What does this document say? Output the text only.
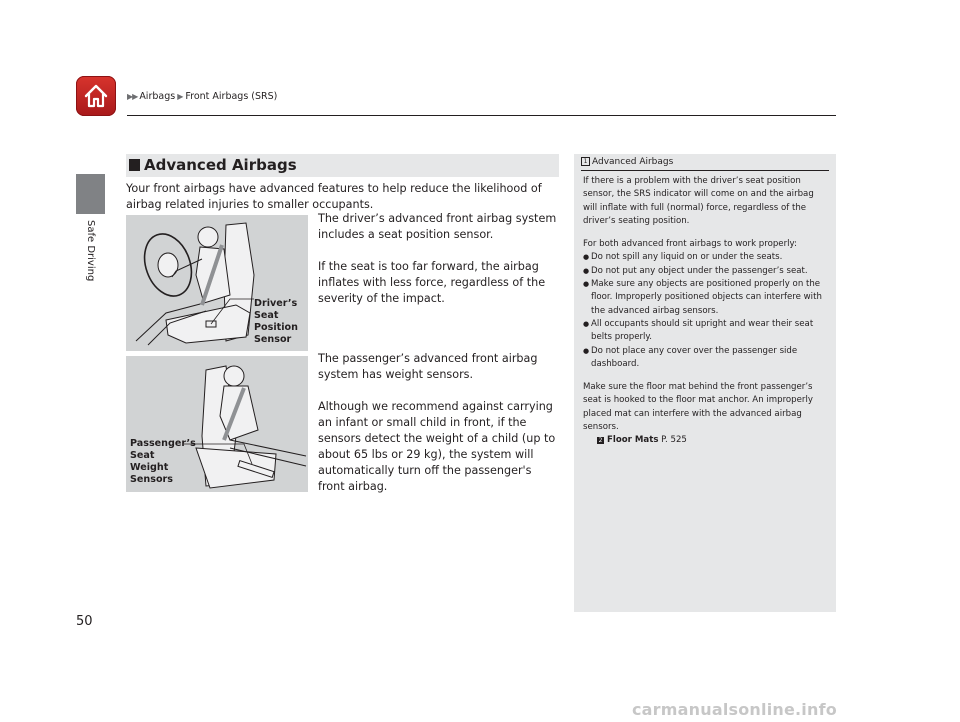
▶▶ Airbags ▶ Front Airbags (SRS)
Safe Driving
Advanced Airbags
Your front airbags have advanced features to help reduce the likelihood of airbag related injuries to smaller occupants.
Driver’s
Seat
Position
Sensor
The driver’s advanced front airbag system includes a seat position sensor.
If the seat is too far forward, the airbag inflates with less force, regardless of the severity of the impact.
Passenger’s
Seat
Weight
Sensors
The passenger’s advanced front airbag system has weight sensors.
Although we recommend against carrying an infant or small child in front, if the sensors detect the weight of a child (up to about 65 lbs or 29 kg), the system will automatically turn off the passenger's front airbag.
1 Advanced Airbags

If there is a problem with the driver’s seat position sensor, the SRS indicator will come on and the airbag will inflate with full (normal) force, regardless of the driver’s seating position.

For both advanced front airbags to work properly:

● Do not spill any liquid on or under the seats.
● Do not put any object under the passenger’s seat.
● Make sure any objects are positioned properly on the floor. Improperly positioned objects can interfere with the advanced airbag sensors.
● All occupants should sit upright and wear their seat belts properly.
● Do not place any cover over the passenger side dashboard.

Make sure the floor mat behind the front passenger’s seat is hooked to the floor mat anchor. An improperly placed mat can interfere with the advanced airbag sensors.

2 Floor Mats P. 525
50
carmanualsonline.info
